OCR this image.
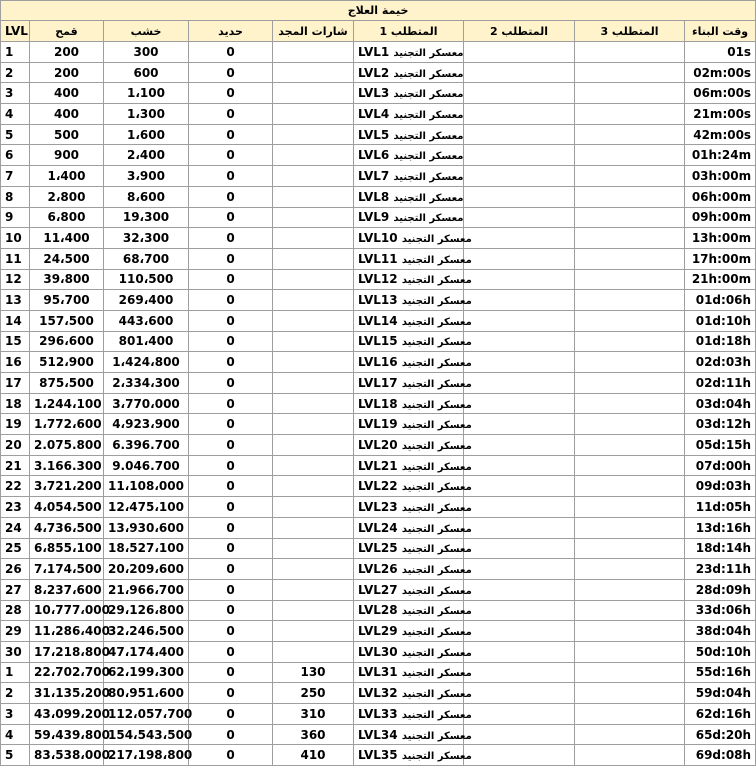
خيمة العلاج								
LVL	قمح	خشب	حديد	شارات المجد	المتطلب 1	المتطلب 2	المتطلب 3	وقت البناء
1	200	300	0		LVL1 معسكر التجنيد			01s
2	200	600	0		LVL2 معسكر التجنيد			02m:00s
3	400	1،100	0		LVL3 معسكر التجنيد			06m:00s
4	400	1،300	0		LVL4 معسكر التجنيد			21m:00s
5	500	1،600	0		LVL5 معسكر التجنيد			42m:00s
6	900	2،400	0		LVL6 معسكر التجنيد			01h:24m
7	1،400	3،900	0		LVL7 معسكر التجنيد			03h:00m
8	2،800	8،600	0		LVL8 معسكر التجنيد			06h:00m
9	6،800	19،300	0		LVL9 معسكر التجنيد			09h:00m
10	11،400	32،300	0		LVL10 معسكر التجنيد			13h:00m
11	24،500	68،700	0		LVL11 معسكر التجنيد			17h:00m
12	39،800	110،500	0		LVL12 معسكر التجنيد			21h:00m
13	95،700	269،400	0		LVL13 معسكر التجنيد			01d:06h
14	157،500	443،600	0		LVL14 معسكر التجنيد			01d:10h
15	296،600	801،400	0		LVL15 معسكر التجنيد			01d:18h
16	512،900	1،424،800	0		LVL16 معسكر التجنيد			02d:03h
17	875،500	2،334،300	0		LVL17 معسكر التجنيد			02d:11h
18	1،244،100	3،770،000	0		LVL18 معسكر التجنيد			03d:04h
19	1،772،600	4،923،900	0		LVL19 معسكر التجنيد			03d:12h
20	2.075.800	6.396.700	0		LVL20 معسكر التجنيد			05d:15h
21	3.166.300	9.046.700	0		LVL21 معسكر التجنيد			07d:00h
22	3،721،200	11،108،000	0		LVL22 معسكر التجنيد			09d:03h
23	4،054،500	12،475،100	0		LVL23 معسكر التجنيد			11d:05h
24	4،736،500	13،930،600	0		LVL24 معسكر التجنيد			13d:16h
25	6،855،100	18،527،100	0		LVL25 معسكر التجنيد			18d:14h
26	7،174،500	20،209،600	0		LVL26 معسكر التجنيد			23d:11h
27	8،237،600	21،966،700	0		LVL27 معسكر التجنيد			28d:09h
28	10،777،000	29،126،800	0		LVL28 معسكر التجنيد			33d:06h
29	11،286،400	32،246،500	0		LVL29 معسكر التجنيد			38d:04h
30	17،218،800	47،174،400	0		LVL30 معسكر التجنيد			50d:10h
1	22،702،700	62،199،300	0	130	LVL31 معسكر التجنيد			55d:16h
2	31،135،200	80،951،600	0	250	LVL32 معسكر التجنيد			59d:04h
3	43،099،200	112،057،700	0	310	LVL33 معسكر التجنيد			62d:16h
4	59،439،800	154،543،500	0	360	LVL34 معسكر التجنيد			65d:20h
5	83،538،000	217،198،800	0	410	LVL35 معسكر التجنيد			69d:08h
